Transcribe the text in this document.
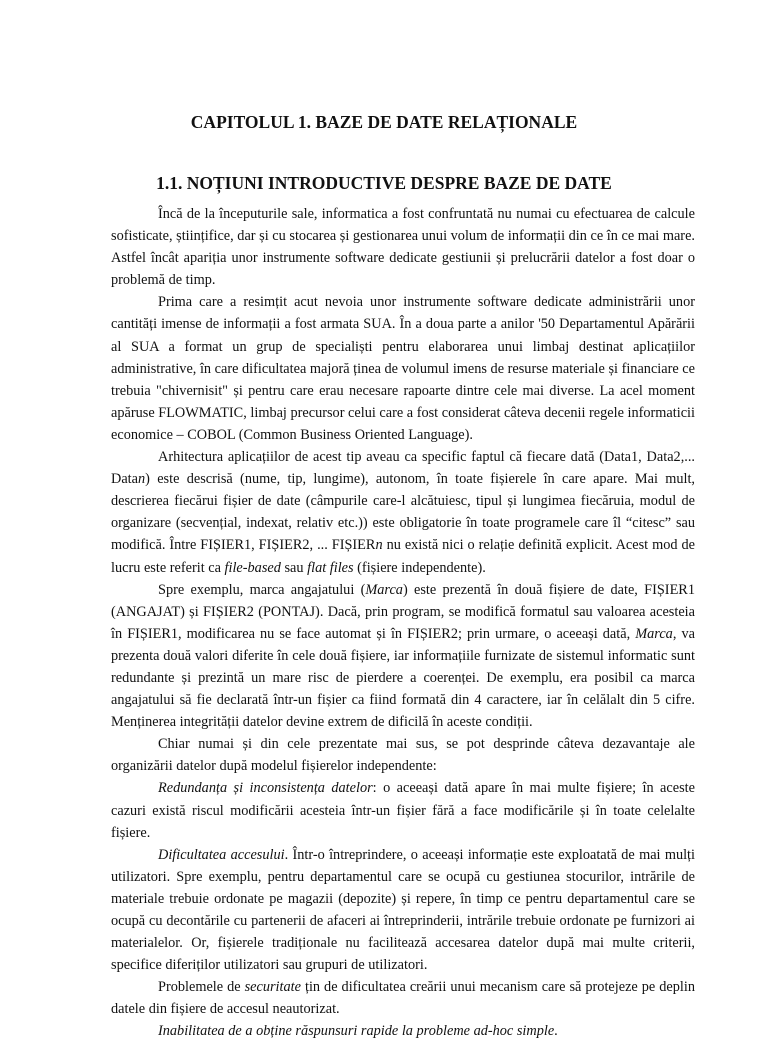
CAPITOLUL 1. BAZE DE DATE RELAȚIONALE
1.1. NOȚIUNI INTRODUCTIVE DESPRE BAZE DE DATE

Încă de la începuturile sale, informatica a fost confruntată nu numai cu efectuarea de calcule sofisticate, științifice, dar și cu stocarea și gestionarea unui volum de informații din ce în ce mai mare. Astfel încât apariția unor instrumente software dedicate gestiunii și prelucrării datelor a fost doar o problemă de timp.

Prima care a resimțit acut nevoia unor instrumente software dedicate administrării unor cantități imense de informații a fost armata SUA. În a doua parte a anilor '50 Departamentul Apărării al SUA a format un grup de specialiști pentru elaborarea unui limbaj destinat aplicațiilor administrative, în care dificultatea majoră ținea de volumul imens de resurse materiale și financiare ce trebuia "chivernisit" și pentru care erau necesare rapoarte dintre cele mai diverse. La acel moment apăruse FLOWMATIC, limbaj precursor celui care a fost considerat câteva decenii regele informaticii economice – COBOL (Common Business Oriented Language).

Arhitectura aplicațiilor de acest tip aveau ca specific faptul că fiecare dată (Data1, Data2,... Datan) este descrisă (nume, tip, lungime), autonom, în toate fișierele în care apare. Mai mult, descrierea fiecărui fișier de date (câmpurile care-l alcătuiesc, tipul și lungimea fiecăruia, modul de organizare (secvențial, indexat, relativ etc.)) este obligatorie în toate programele care îl “citesc” sau modifică. Între FIȘIER1, FIȘIER2, ... FIȘIERn nu există nici o relație definită explicit. Acest mod de lucru este referit ca file-based sau flat files (fișiere independente).

Spre exemplu, marca angajatului (Marca) este prezentă în două fișiere de date, FIȘIER1 (ANGAJAT) și FIȘIER2 (PONTAJ). Dacă, prin program, se modifică formatul sau valoarea acesteia în FIȘIER1, modificarea nu se face automat și în FIȘIER2; prin urmare, o aceeași dată, Marca, va prezenta două valori diferite în cele două fișiere, iar informațiile furnizate de sistemul informatic sunt redundante și prezintă un mare risc de pierdere a coerenței. De exemplu, era posibil ca marca angajatului să fie declarată într-un fișier ca fiind formată din 4 caractere, iar în celălalt din 5 cifre. Menținerea integrității datelor devine extrem de dificilă în aceste condiții.

Chiar numai și din cele prezentate mai sus, se pot desprinde câteva dezavantaje ale organizării datelor după modelul fișierelor independente:

Redundanța și inconsistența datelor: o aceeași dată apare în mai multe fișiere; în aceste cazuri există riscul modificării acesteia într-un fișier fără a face modificările și în toate celelalte fișiere.

Dificultatea accesului. Într-o întreprindere, o aceeași informație este exploatată de mai mulți utilizatori. Spre exemplu, pentru departamentul care se ocupă cu gestiunea stocurilor, intrările de materiale trebuie ordonate pe magazii (depozite) și repere, în timp ce pentru departamentul care se ocupă cu decontările cu partenerii de afaceri ai întreprinderii, intrările trebuie ordonate pe furnizori ai materialelor. Or, fișierele tradiționale nu facilitează accesarea datelor după mai multe criterii, specifice diferiților utilizatori sau grupuri de utilizatori.

Problemele de securitate țin de dificultatea creării unui mecanism care să protejeze pe deplin datele din fișiere de accesul neautorizat.

Inabilitatea de a obține răspunsuri rapide la probleme ad-hoc simple.
